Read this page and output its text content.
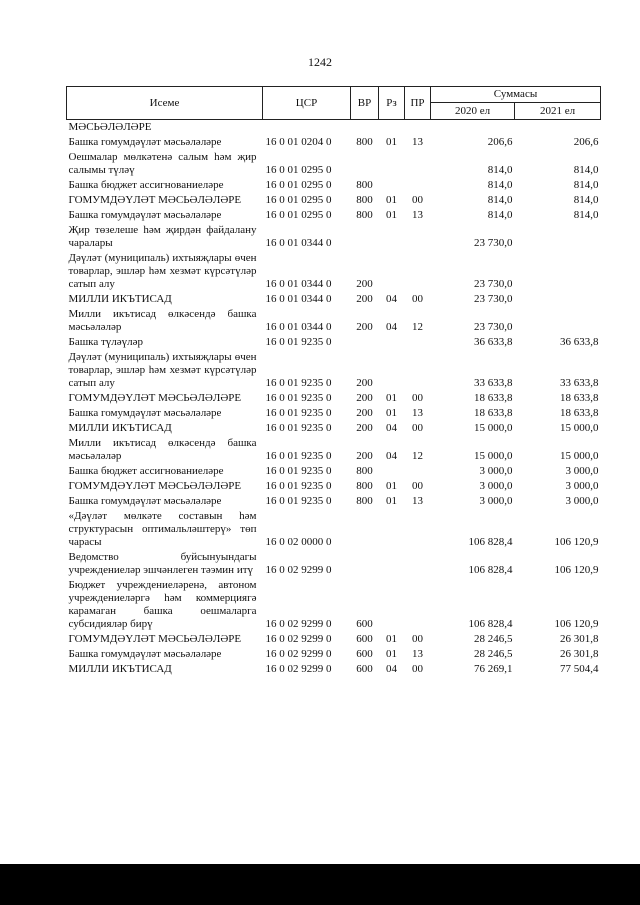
1242
Исеме	ЦСР	ВР	Рз	ПР	Суммасы	
					2020 ел	2021 ел
МӘСЬӘЛӘЛӘРЕ						
Башка гомумдәүләт мәсьәләләре	16 0 01 0204 0	800	01	13	206,6	206,6
Оешмалар мөлкәтенә салым һәм җир салымы түләү	16 0 01 0295 0				814,0	814,0
Башка бюджет ассигнованиеләре	16 0 01 0295 0	800			814,0	814,0
ГОМУМДӘҮЛӘТ МӘСЬӘЛӘЛӘРЕ	16 0 01 0295 0	800	01	00	814,0	814,0
Башка гомумдәүләт мәсьәләләре	16 0 01 0295 0	800	01	13	814,0	814,0
Җир төзелеше һәм җирдән файдалану чаралары	16 0 01 0344 0				23 730,0	
Дәүләт (муниципаль) ихтыяҗлары өчен товарлар, эшләр һәм хезмәт күрсәтүләр сатып алу	16 0 01 0344 0	200			23 730,0	
МИЛЛИ ИКЪТИСАД	16 0 01 0344 0	200	04	00	23 730,0	
Милли икътисад өлкәсендә башка мәсьәләләр	16 0 01 0344 0	200	04	12	23 730,0	
Башка түләүләр	16 0 01 9235 0				36 633,8	36 633,8
Дәүләт (муниципаль) ихтыяҗлары өчен товарлар, эшләр һәм хезмәт күрсәтүләр сатып алу	16 0 01 9235 0	200			33 633,8	33 633,8
ГОМУМДӘҮЛӘТ МӘСЬӘЛӘЛӘРЕ	16 0 01 9235 0	200	01	00	18 633,8	18 633,8
Башка гомумдәүләт мәсьәләләре	16 0 01 9235 0	200	01	13	18 633,8	18 633,8
МИЛЛИ ИКЪТИСАД	16 0 01 9235 0	200	04	00	15 000,0	15 000,0
Милли икътисад өлкәсендә башка мәсьәләләр	16 0 01 9235 0	200	04	12	15 000,0	15 000,0
Башка бюджет ассигнованиеләре	16 0 01 9235 0	800			3 000,0	3 000,0
ГОМУМДӘҮЛӘТ МӘСЬӘЛӘЛӘРЕ	16 0 01 9235 0	800	01	00	3 000,0	3 000,0
Башка гомумдәүләт мәсьәләләре	16 0 01 9235 0	800	01	13	3 000,0	3 000,0
«Дәүләт мөлкәте составын һәм структурасын оптимальләштерү» төп чарасы	16 0 02 0000 0				106 828,4	106 120,9
Ведомство буйсынуындагы учреждениеләр эшчәнлеген тәэмин итү	16 0 02 9299 0				106 828,4	106 120,9
Бюджет учреждениеләренә, автоном учреждениеләргә һәм коммерциягә карамаган башка оешмаларга субсидияләр бирү	16 0 02 9299 0	600			106 828,4	106 120,9
ГОМУМДӘҮЛӘТ МӘСЬӘЛӘЛӘРЕ	16 0 02 9299 0	600	01	00	28 246,5	26 301,8
Башка гомумдәүләт мәсьәләләре	16 0 02 9299 0	600	01	13	28 246,5	26 301,8
МИЛЛИ ИКЪТИСАД	16 0 02 9299 0	600	04	00	76 269,1	77 504,4
